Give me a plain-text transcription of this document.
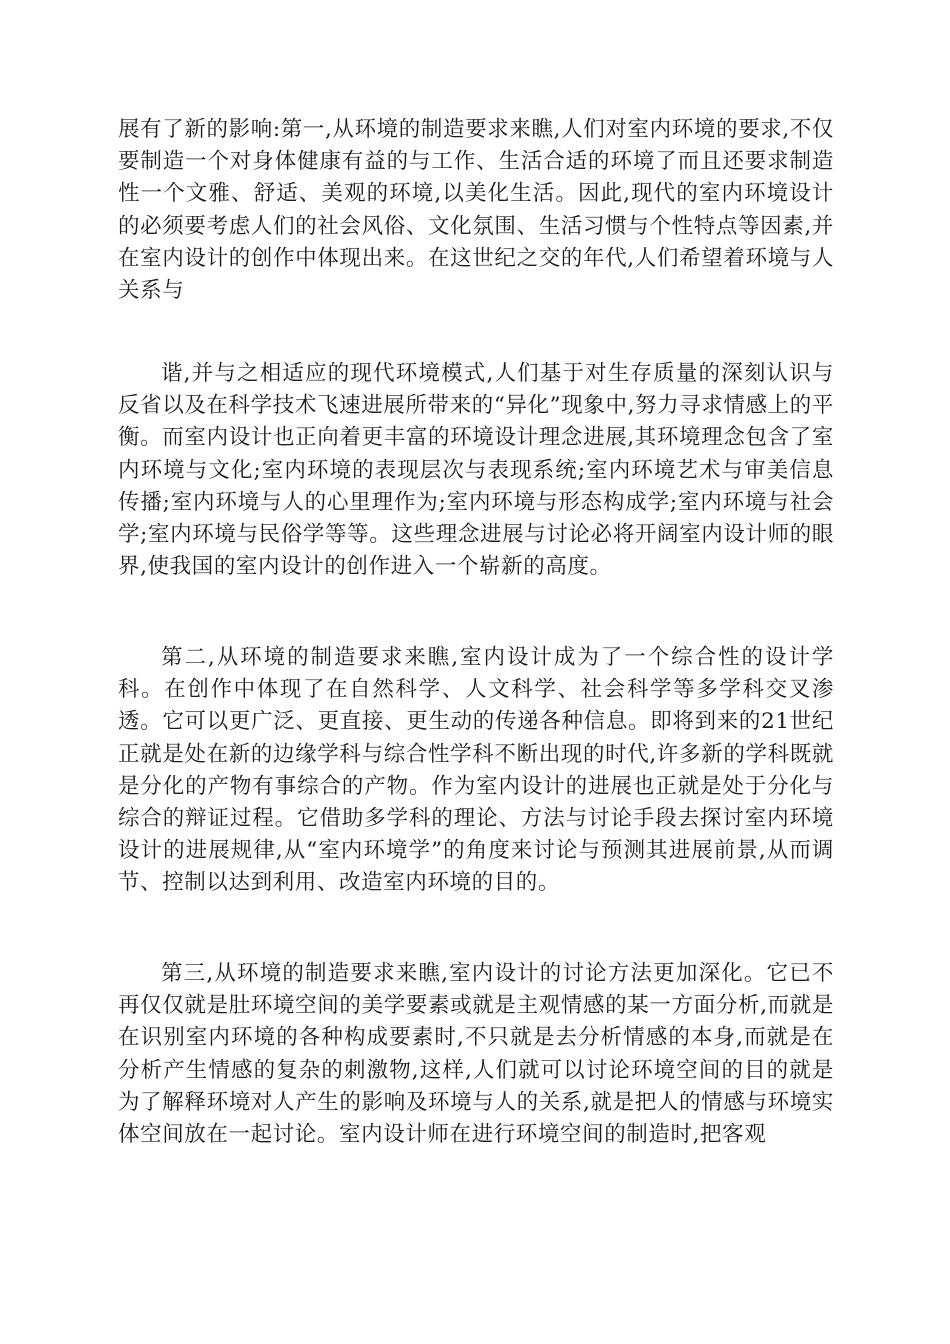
展有了新的影响:第一,从环境的制造要求来瞧,人们对室内环境的要求,不仅要制造一个对身体健康有益的与工作、生活合适的环境了而且还要求制造性一个文雅、舒适、美观的环境,以美化生活。因此,现代的室内环境设计的必须要考虑人们的社会风俗、文化氛围、生活习惯与个性特点等因素,并在室内设计的创作中体现出来。在这世纪之交的年代,人们希望着环境与人关系与

谐,并与之相适应的现代环境模式,人们基于对生存质量的深刻认识与反省以及在科学技术飞速进展所带来的“异化”现象中,努力寻求情感上的平衡。而室内设计也正向着更丰富的环境设计理念进展,其环境理念包含了室内环境与文化;室内环境的表现层次与表现系统;室内环境艺术与审美信息传播;室内环境与人的心里理作为;室内环境与形态构成学;室内环境与社会学;室内环境与民俗学等等。这些理念进展与讨论必将开阔室内设计师的眼界,使我国的室内设计的创作进入一个崭新的高度。

第二,从环境的制造要求来瞧,室内设计成为了一个综合性的设计学科。在创作中体现了在自然科学、人文科学、社会科学等多学科交叉渗透。它可以更广泛、更直接、更生动的传递各种信息。即将到来的21世纪正就是处在新的边缘学科与综合性学科不断出现的时代,许多新的学科既就是分化的产物有事综合的产物。作为室内设计的进展也正就是处于分化与综合的辩证过程。它借助多学科的理论、方法与讨论手段去探讨室内环境设计的进展规律,从“室内环境学”的角度来讨论与预测其进展前景,从而调节、控制以达到利用、改造室内环境的目的。

第三,从环境的制造要求来瞧,室内设计的讨论方法更加深化。它已不再仅仅就是肚环境空间的美学要素或就是主观情感的某一方面分析,而就是在识别室内环境的各种构成要素时,不只就是去分析情感的本身,而就是在分析产生情感的复杂的刺激物,这样,人们就可以讨论环境空间的目的就是为了解释环境对人产生的影响及环境与人的关系,就是把人的情感与环境实体空间放在一起讨论。室内设计师在进行环境空间的制造时,把客观
